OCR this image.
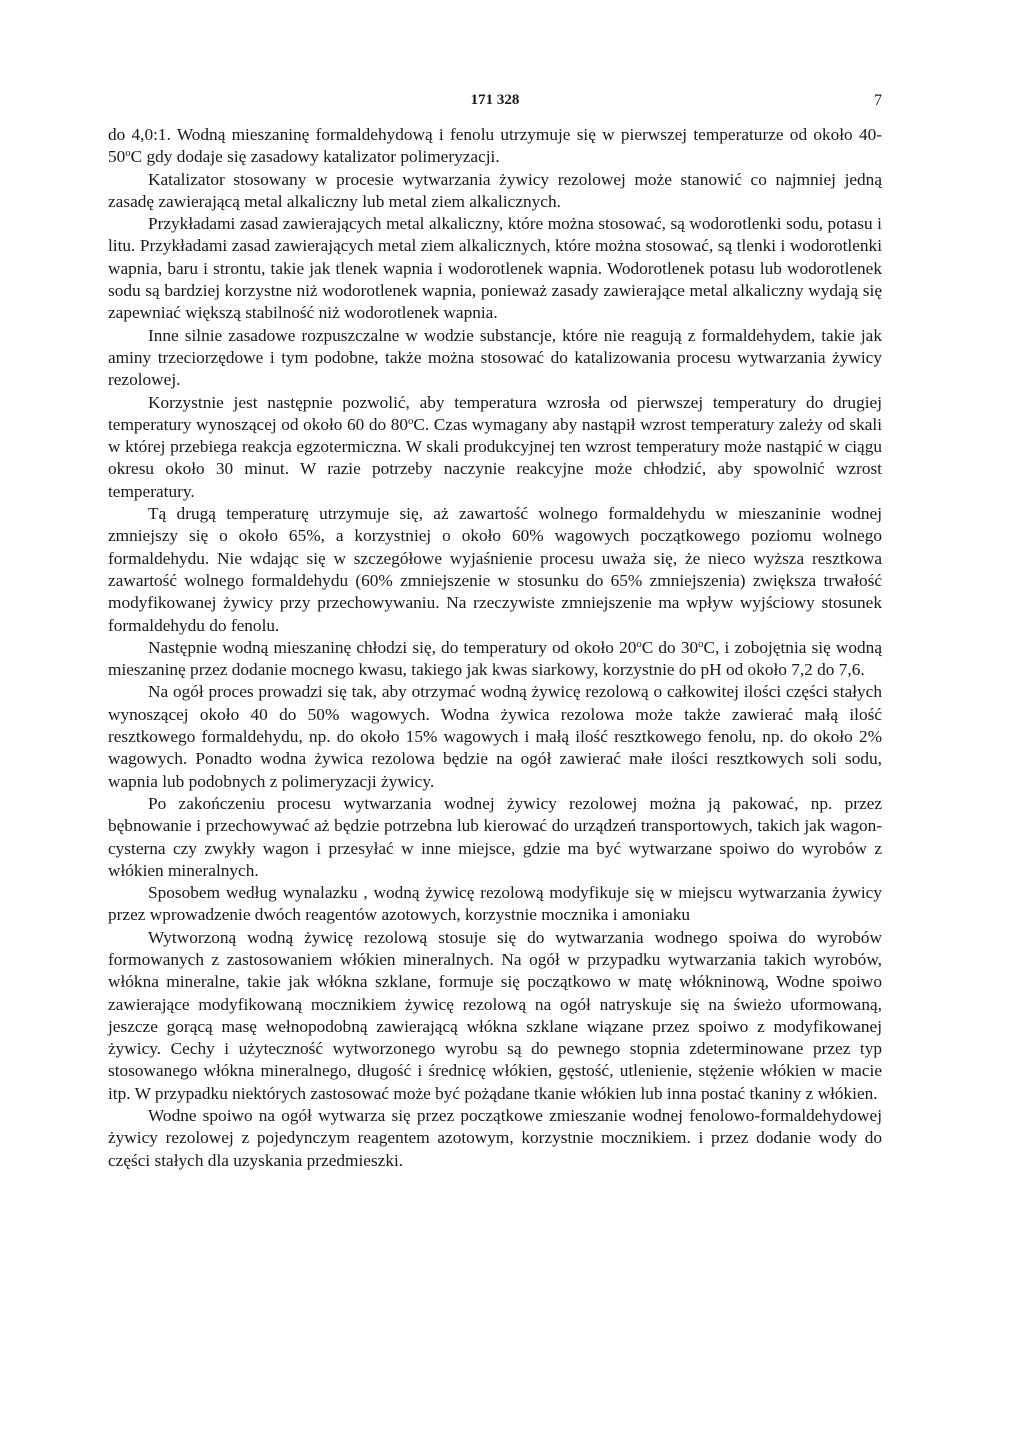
171 328	7

do 4,0:1. Wodną mieszaninę formaldehydową i fenolu utrzymuje się w pierwszej temperaturze od około 40-50$^o$C gdy dodaje się zasadowy katalizator polimeryzacji.

Katalizator stosowany w procesie wytwarzania żywicy rezolowej może stanowić co najmniej jedną zasadę zawierającą metal alkaliczny lub metal ziem alkalicznych.

Przykładami zasad zawierających metal alkaliczny, które można stosować, są wodorotlenki sodu, potasu i litu. Przykładami zasad zawierających metal ziem alkalicznych, które można stosować, są tlenki i wodorotlenki wapnia, baru i strontu, takie jak tlenek wapnia i wodorotlenek wapnia. Wodorotlenek potasu lub wodorotlenek sodu są bardziej korzystne niż wodorotlenek wapnia, ponieważ zasady zawierające metal alkaliczny wydają się zapewniać większą stabilność niż wodorotlenek wapnia.

Inne silnie zasadowe rozpuszczalne w wodzie substancje, które nie reagują z formaldehydem, takie jak aminy trzeciorzędowe i tym podobne, także można stosować do katalizowania procesu wytwarzania żywicy rezolowej.

Korzystnie jest następnie pozwolić, aby temperatura wzrosła od pierwszej temperatury do drugiej temperatury wynoszącej od około 60 do 80$^o$C. Czas wymagany aby nastąpił wzrost temperatury zależy od skali w której przebiega reakcja egzotermiczna. W skali produkcyjnej ten wzrost temperatury może nastąpić w ciągu okresu około 30 minut. W razie potrzeby naczynie reakcyjne może chłodzić, aby spowolnić wzrost temperatury.

Tą drugą temperaturę utrzymuje się, aż zawartość wolnego formaldehydu w mieszaninie wodnej zmniejszy się o około 65%, a korzystniej o około 60% wagowych początkowego poziomu wolnego formaldehydu. Nie wdając się w szczegółowe wyjaśnienie procesu uważa się, że nieco wyższa resztkowa zawartość wolnego formaldehydu (60% zmniejszenie w stosunku do 65% zmniejszenia) zwiększa trwałość modyfikowanej żywicy przy przechowywaniu. Na rzeczywiste zmniejszenie ma wpływ wyjściowy stosunek formaldehydu do fenolu.

Następnie wodną mieszaninę chłodzi się, do temperatury od około 20$^o$C do 30$^o$C, i zobojętnia się wodną mieszaninę przez dodanie mocnego kwasu, takiego jak kwas siarkowy, korzystnie do pH od około 7,2 do 7,6.

Na ogół proces prowadzi się tak, aby otrzymać wodną żywicę rezolową o całkowitej ilości części stałych wynoszącej około 40 do 50% wagowych. Wodna żywica rezolowa może także zawierać małą ilość resztkowego formaldehydu, np. do około 15% wagowych i małą ilość resztkowego fenolu, np. do około 2% wagowych. Ponadto wodna żywica rezolowa będzie na ogół zawierać małe ilości resztkowych soli sodu, wapnia lub podobnych z polimeryzacji żywicy.

Po zakończeniu procesu wytwarzania wodnej żywicy rezolowej można ją pakować, np. przez bębnowanie i przechowywać aż będzie potrzebna lub kierować do urządzeń transportowych, takich jak wagon-cysterna czy zwykły wagon i przesyłać w inne miejsce, gdzie ma być wytwarzane spoiwo do wyrobów z włókien mineralnych.

Sposobem według wynalazku , wodną żywicę rezolową modyfikuje się w miejscu wytwarzania żywicy przez wprowadzenie dwóch reagentów azotowych, korzystnie mocznika i amoniaku

Wytworzoną wodną żywicę rezolową stosuje się do wytwarzania wodnego spoiwa do wyrobów formowanych z zastosowaniem włókien mineralnych. Na ogół w przypadku wytwarzania takich wyrobów, włókna mineralne, takie jak włókna szklane, formuje się początkowo w matę włókninową, Wodne spoiwo zawierające modyfikowaną mocznikiem żywicę rezolową na ogół natryskuje się na świeżo uformowaną, jeszcze gorącą masę wełnopodobną zawierającą włókna szklane wiązane przez spoiwo z modyfikowanej żywicy. Cechy i użyteczność wytworzonego wyrobu są do pewnego stopnia zdeterminowane przez typ stosowanego włókna mineralnego, długość i średnicę włókien, gęstość, utlenienie, stężenie włókien w macie itp. W przypadku niektórych zastosować może być pożądane tkanie włókien lub inna postać tkaniny z włókien.

Wodne spoiwo na ogół wytwarza się przez początkowe zmieszanie wodnej fenolowo-formaldehydowej żywicy rezolowej z pojedynczym reagentem azotowym, korzystnie mocznikiem. i przez dodanie wody do części stałych dla uzyskania przedmieszki.
